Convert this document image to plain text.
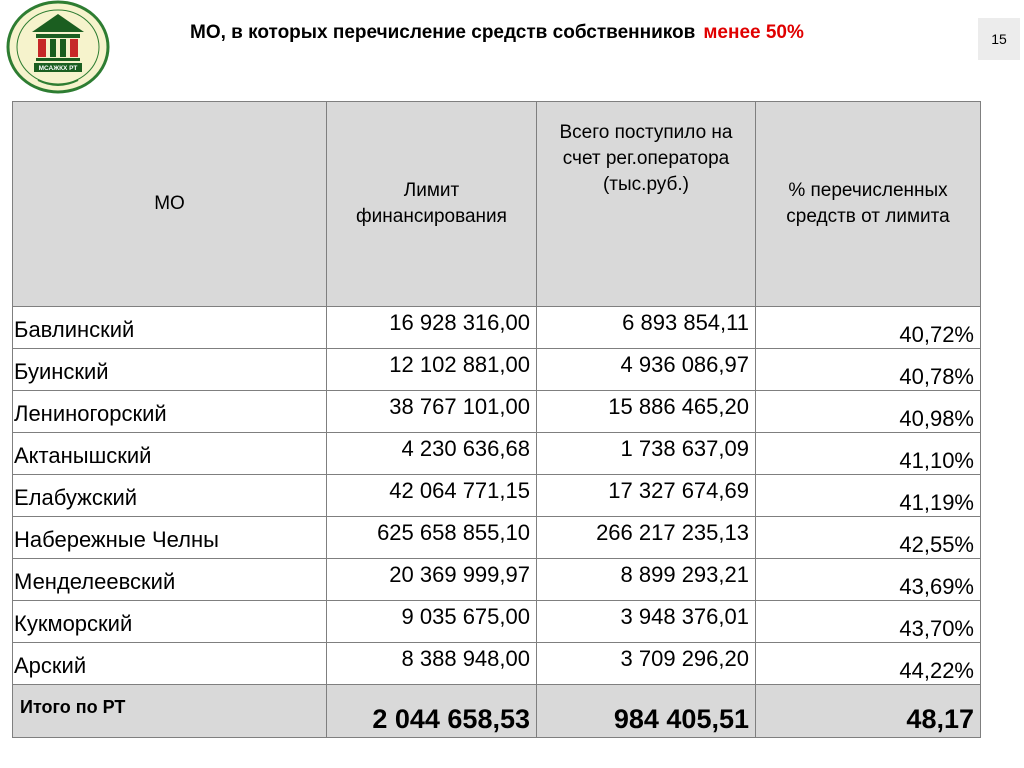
МСАЖКХ РТ
МО, в которых перечисление средств собственников менее 50%	15
МО	Лимит финансирования	Всего поступило на счет рег.оператора (тыс.руб.)	% перечисленных средств от лимита
Бавлинский	16 928 316,00	6 893 854,11	40,72%
Буинский	12 102 881,00	4 936 086,97	40,78%
Лениногорский	38 767 101,00	15 886 465,20	40,98%
Актанышский	4 230 636,68	1 738 637,09	41,10%
Елабужский	42 064 771,15	17 327 674,69	41,19%
Набережные Челны	625 658 855,10	266 217 235,13	42,55%
Менделеевский	20 369 999,97	8 899 293,21	43,69%
Кукморский	9 035 675,00	3 948 376,01	43,70%
Арский	8 388 948,00	3 709 296,20	44,22%
Итого по РТ	2 044 658,53	984 405,51	48,17
